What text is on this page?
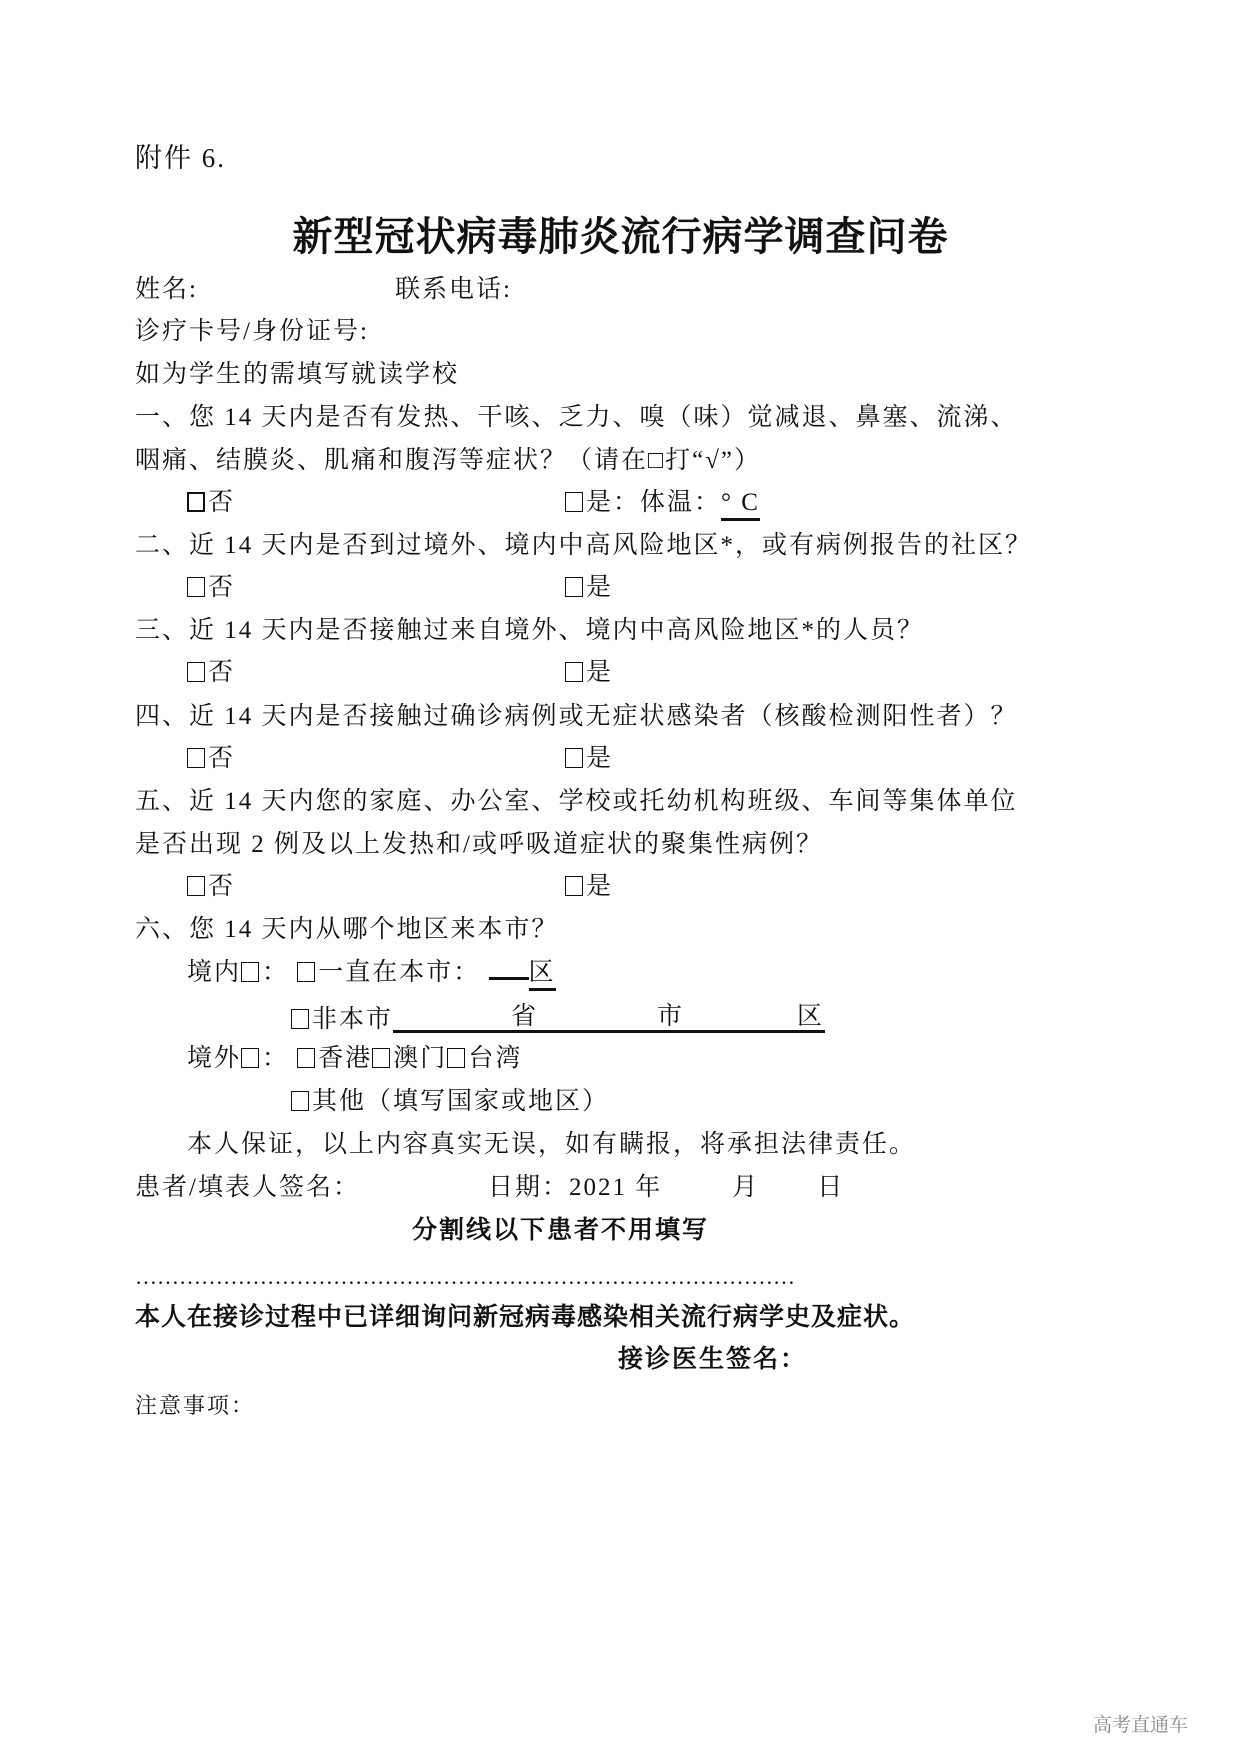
附件 6.
新型冠状病毒肺炎流行病学调查问卷
姓名:	联系电话:
诊疗卡号/身份证号:
如为学生的需填写就读学校
一、您 14 天内是否有发热、干咳、乏力、嗅（味）觉减退、鼻塞、流涕、
咽痛、结膜炎、肌痛和腹泻等症状？（请在□打“√”）
否	是：体温：° C
二、近 14 天内是否到过境外、境内中高风险地区*，或有病例报告的社区？
否	是
三、近 14 天内是否接触过来自境外、境内中高风险地区*的人员？
否	是
四、近 14 天内是否接触过确诊病例或无症状感染者（核酸检测阳性者）？
否	是
五、近 14 天内您的家庭、办公室、学校或托幼机构班级、车间等集体单位
是否出现 2 例及以上发热和/或呼吸道症状的聚集性病例？
否	是
六、您 14 天内从哪个地区来本市？
境内 ： 一直在本市： 区
非本市	省	市	区
境外 ： 香港 澳门 台湾
其他（填写国家或地区）
本人保证，以上内容真实无误，如有瞒报，将承担法律责任。
患者/填表人签名：	日期：2021 年	月 日
分割线以下患者不用填写
………………………………………………………………………………
本人在接诊过程中已详细询问新冠病毒感染相关流行病学史及症状。
接诊医生签名：
注意事项：
高考直通车
